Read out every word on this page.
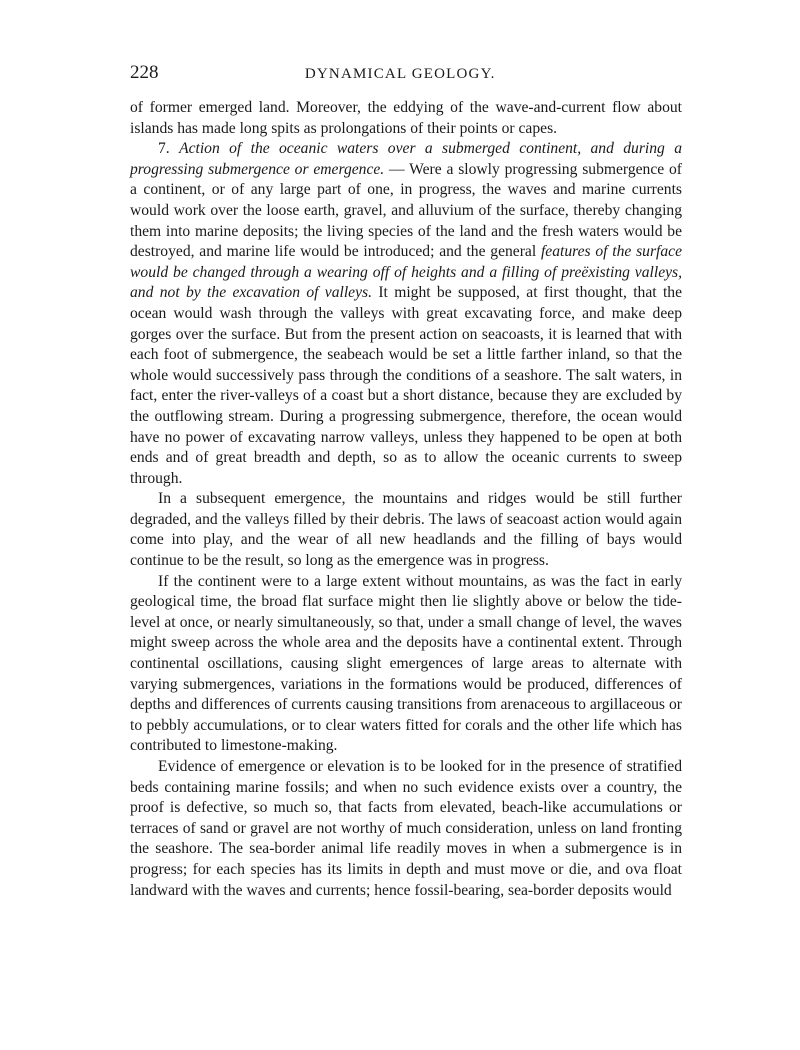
228	DYNAMICAL GEOLOGY.

of former emerged land. Moreover, the eddying of the wave-and-current flow about islands has made long spits as prolongations of their points or capes.

7. Action of the oceanic waters over a submerged continent, and during a progressing submergence or emergence. — Were a slowly progressing submergence of a continent, or of any large part of one, in progress, the waves and marine currents would work over the loose earth, gravel, and alluvium of the surface, thereby changing them into marine deposits; the living species of the land and the fresh waters would be destroyed, and marine life would be introduced; and the general features of the surface would be changed through a wearing off of heights and a filling of preëxisting valleys, and not by the excavation of valleys. It might be supposed, at first thought, that the ocean would wash through the valleys with great excavating force, and make deep gorges over the surface. But from the present action on seacoasts, it is learned that with each foot of submergence, the seabeach would be set a little farther inland, so that the whole would successively pass through the conditions of a seashore. The salt waters, in fact, enter the river-valleys of a coast but a short distance, because they are excluded by the outflowing stream. During a progressing submergence, therefore, the ocean would have no power of excavating narrow valleys, unless they happened to be open at both ends and of great breadth and depth, so as to allow the oceanic currents to sweep through.

In a subsequent emergence, the mountains and ridges would be still further degraded, and the valleys filled by their debris. The laws of seacoast action would again come into play, and the wear of all new headlands and the filling of bays would continue to be the result, so long as the emergence was in progress.

If the continent were to a large extent without mountains, as was the fact in early geological time, the broad flat surface might then lie slightly above or below the tide-level at once, or nearly simultaneously, so that, under a small change of level, the waves might sweep across the whole area and the deposits have a continental extent. Through continental oscillations, causing slight emergences of large areas to alternate with varying submergences, variations in the formations would be produced, differences of depths and differences of currents causing transitions from arenaceous to argillaceous or to pebbly accumulations, or to clear waters fitted for corals and the other life which has contributed to limestone-making.

Evidence of emergence or elevation is to be looked for in the presence of stratified beds containing marine fossils; and when no such evidence exists over a country, the proof is defective, so much so, that facts from elevated, beach-like accumulations or terraces of sand or gravel are not worthy of much consideration, unless on land fronting the seashore. The sea-border animal life readily moves in when a submergence is in progress; for each species has its limits in depth and must move or die, and ova float landward with the waves and currents; hence fossil-bearing, sea-border deposits would
